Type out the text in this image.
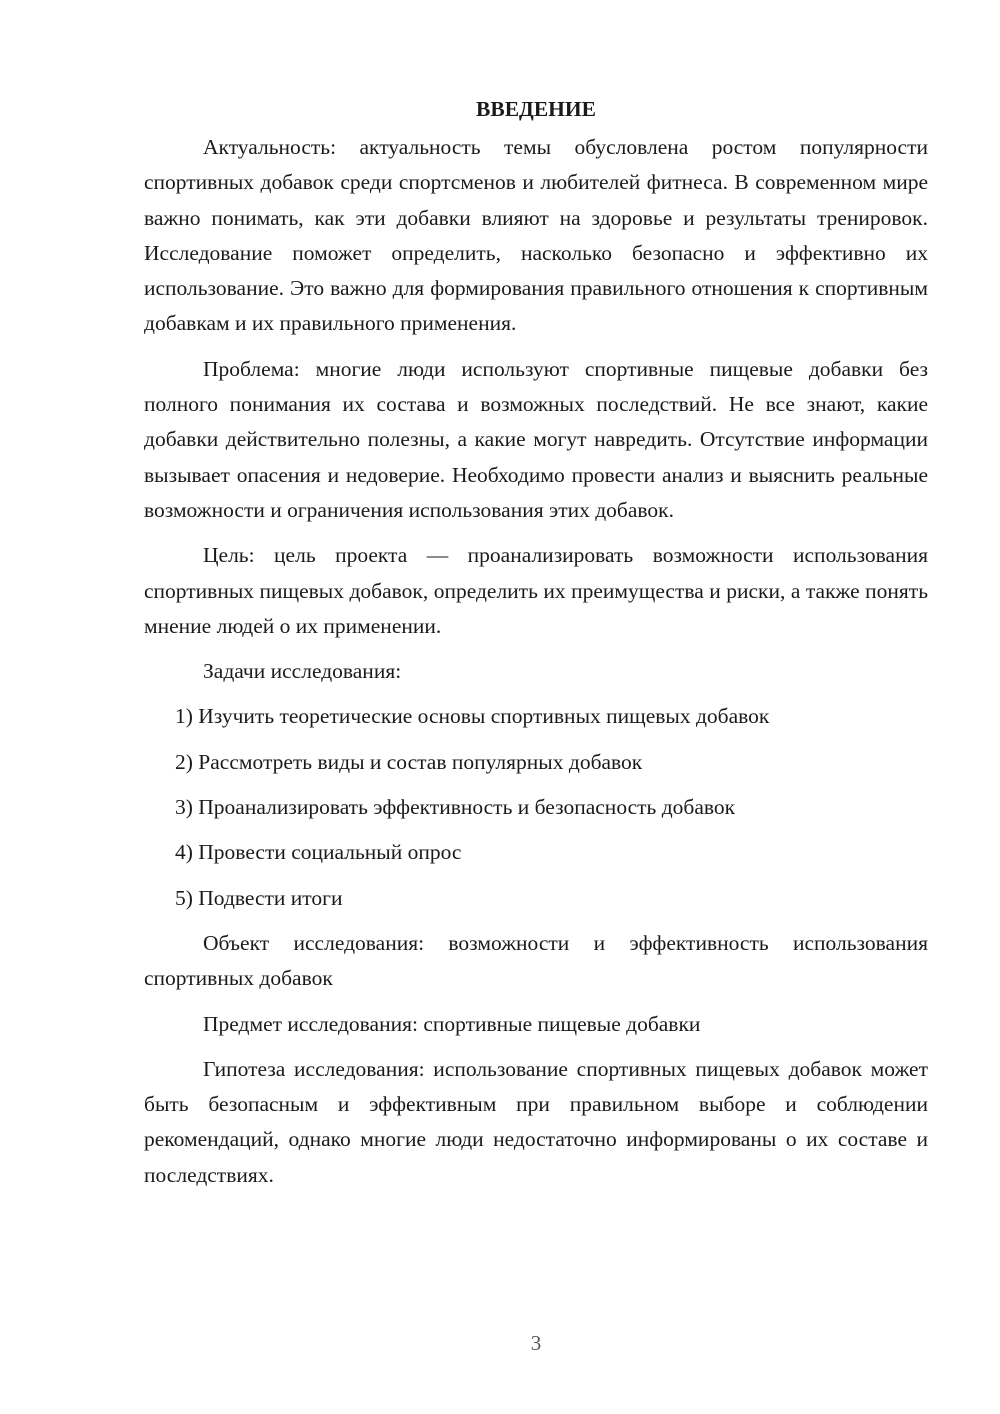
ВВЕДЕНИЕ

Актуальность: актуальность темы обусловлена ростом популярности спортивных добавок среди спортсменов и любителей фитнеса. В современном мире важно понимать, как эти добавки влияют на здоровье и результаты тренировок. Исследование поможет определить, насколько безопасно и эффективно их использование. Это важно для формирования правильного отношения к спортивным добавкам и их правильного применения.

Проблема: многие люди используют спортивные пищевые добавки без полного понимания их состава и возможных последствий. Не все знают, какие добавки действительно полезны, а какие могут навредить. Отсутствие информации вызывает опасения и недоверие. Необходимо провести анализ и выяснить реальные возможности и ограничения использования этих добавок.

Цель: цель проекта — проанализировать возможности использования спортивных пищевых добавок, определить их преимущества и риски, а также понять мнение людей о их применении.

Задачи исследования:

1) Изучить теоретические основы спортивных пищевых добавок
2) Рассмотреть виды и состав популярных добавок
3) Проанализировать эффективность и безопасность добавок
4) Провести социальный опрос
5) Подвести итоги

Объект исследования: возможности и эффективность использования спортивных добавок

Предмет исследования: спортивные пищевые добавки

Гипотеза исследования: использование спортивных пищевых добавок может быть безопасным и эффективным при правильном выборе и соблюдении рекомендаций, однако многие люди недостаточно информированы о их составе и последствиях.

3
